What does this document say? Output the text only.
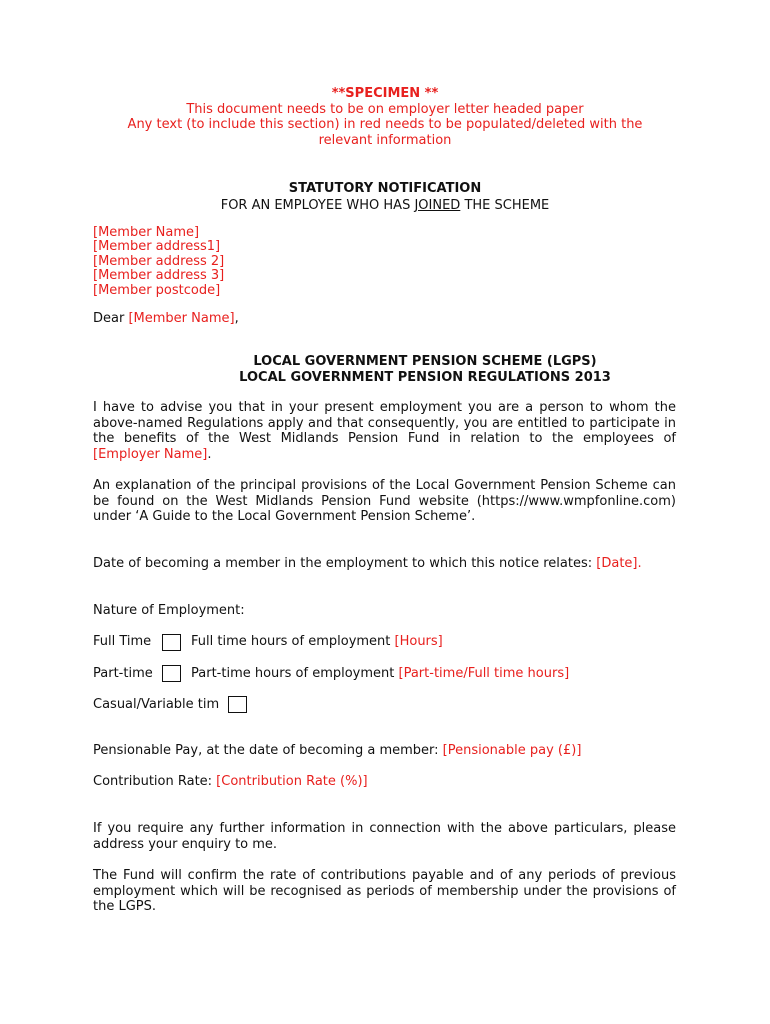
**SPECIMEN **
This document needs to be on employer letter headed paper
Any text (to include this section) in red needs to be populated/deleted with the
relevant information
STATUTORY NOTIFICATION
FOR AN EMPLOYEE WHO HAS JOINED THE SCHEME
[Member Name]
[Member address1]
[Member address 2]
[Member address 3]
[Member postcode]
Dear [Member Name],
LOCAL GOVERNMENT PENSION SCHEME (LGPS)
LOCAL GOVERNMENT PENSION REGULATIONS 2013
I have to advise you that in your present employment you are a person to whom the above-named Regulations apply and that consequently, you are entitled to participate in the benefits of the West Midlands Pension Fund in relation to the employees of [Employer Name].
An explanation of the principal provisions of the Local Government Pension Scheme can be found on the West Midlands Pension Fund website (https://www.wmpfonline.com) under ‘A Guide to the Local Government Pension Scheme’.
Date of becoming a member in the employment to which this notice relates: [Date].
Nature of Employment:
Full Time	Full time hours of employment [Hours]
Part-time	Part-time hours of employment [Part-time/Full time hours]
Casual/Variable tim
Pensionable Pay, at the date of becoming a member: [Pensionable pay (£)]
Contribution Rate: [Contribution Rate (%)]
If you require any further information in connection with the above particulars, please address your enquiry to me.
The Fund will confirm the rate of contributions payable and of any periods of previous employment which will be recognised as periods of membership under the provisions of the LGPS.
